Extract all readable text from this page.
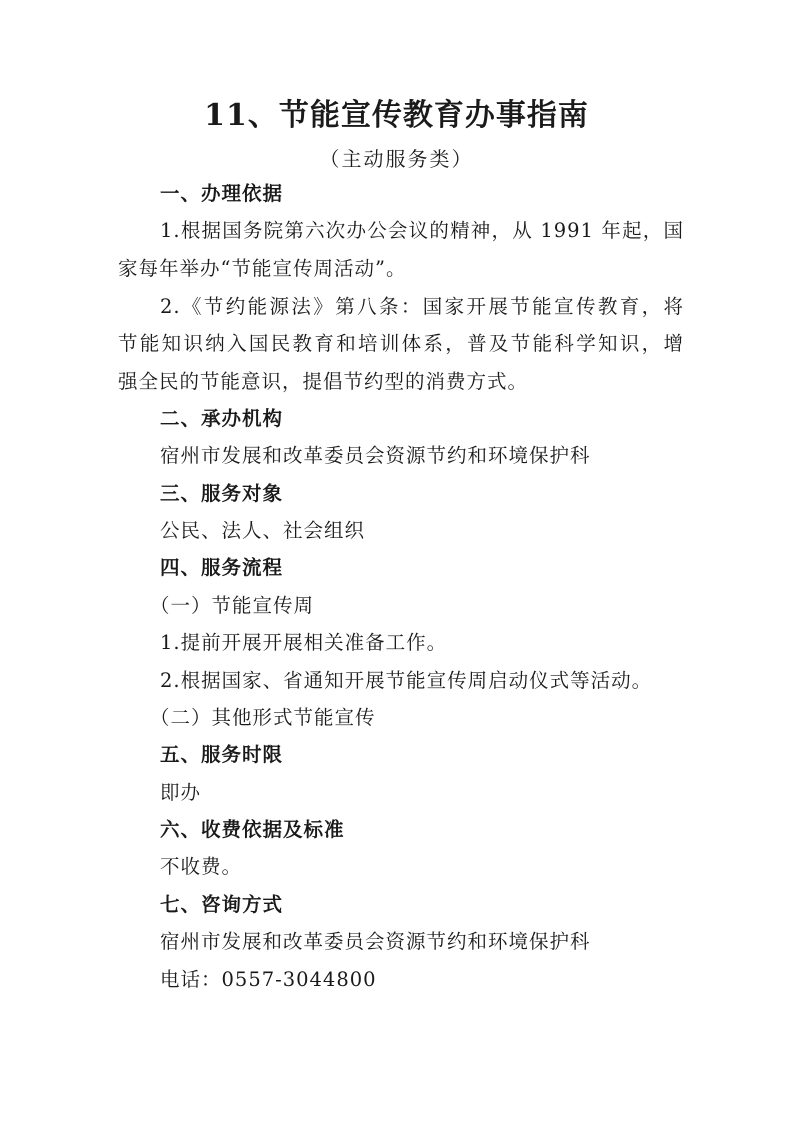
11、节能宣传教育办事指南
（主动服务类）
一、办理依据
1.根据国务院第六次办公会议的精神，从 1991 年起，国
家每年举办“节能宣传周活动”。
2.《节约能源法》第八条：国家开展节能宣传教育，将
节能知识纳入国民教育和培训体系，普及节能科学知识，增
强全民的节能意识，提倡节约型的消费方式。
二、承办机构
宿州市发展和改革委员会资源节约和环境保护科
三、服务对象
公民、法人、社会组织
四、服务流程
（一）节能宣传周
1.提前开展开展相关准备工作。
2.根据国家、省通知开展节能宣传周启动仪式等活动。
（二）其他形式节能宣传
五、服务时限
即办
六、收费依据及标准
不收费。
七、咨询方式
宿州市发展和改革委员会资源节约和环境保护科
电话：0557-3044800
